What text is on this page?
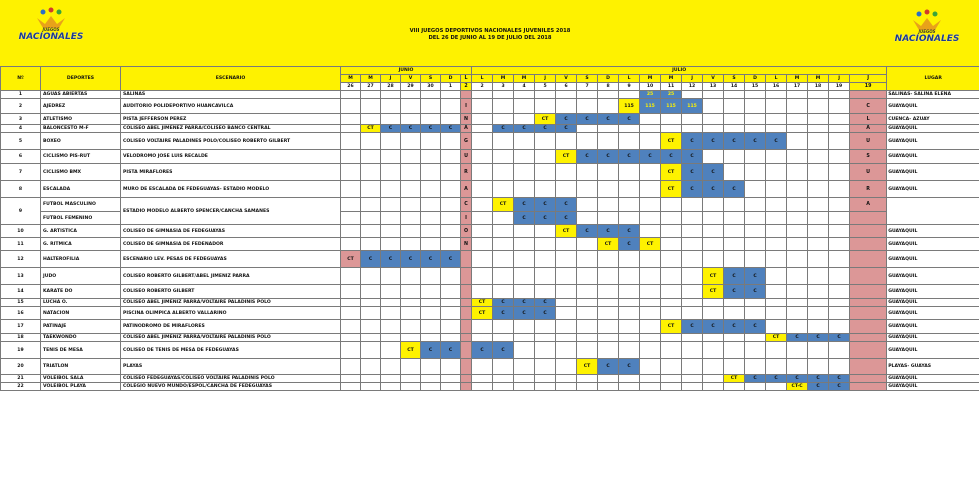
JUEGOS
NACIONALES
VIII JUEGOS DEPORTIVOS NACIONALES JUVENILES 2018
DEL 26 DE JUNIO AL 19 DE JULIO DEL 2018
JUEGOS
NACIONALES
Nº	DEPORTES	ESCENARIO	JUNIO							JULIO																			LUGAR
			M	M	J	V	S	D	L	L	M	M	J	V	S	D	L	M	M	J	V	S	D	L	M	M	J	J	
			26	27	28	29	30	1	2	2	3	4	5	6	7	8	9	10	11	12	13	14	15	16	17	18	19	19	
1	AGUAS ABIERTAS	SALINAS																25	25										SALINAS- SALINA ELENA
2	AJEDREZ	AUDITORIO POLIDEPORTIVO HUANCAVILCA							I								115	115	115	115								C	GUAYAQUIL
3	ATLETISMO	PISTA JEFFERSON PEREZ							N				CT	C	C	C	C											L	CUENCA- AZUAY
4	BALONCESTO M-F	COLISEO ABEL JIMENEZ PARRA/COLISEO BANCO CENTRAL		CT	C	C	C	C	A		C	C	C	C														A	GUAYAQUIL
5	BOXEO	COLISEO VOLTAIRE PALADINES POLO/COLISEO ROBERTO GILBERT							G										CT	C	C	C	C	C				U	GUAYAQUIL
6	CICLISMO PIS-RUT	VELODROMO JOSE LUIS RECALDE							U					CT	C	C	C	C	C	C								S	GUAYAQUIL
7	CICLISMO BMX	PISTA MIRAFLORES							R										CT	C	C							U	GUAYAQUIL
8	ESCALADA	MURO DE ESCALADA DE FEDEGUAYAS- ESTADIO MODELO							A										CT	C	C	C						R	GUAYAQUIL
9	FUTBOL MASCULINO	ESTADIO MODELO ALBERTO SPENCER/CANCHA SAMANES							C		CT	C	C	C														A	
	FUTBOL FEMENINO								I			C	C	C															
10	G. ARTISTICA	COLISEO DE GIMNASIA DE FEDEGUAYAS							O					CT	C	C	C												GUAYAQUIL
11	G. RITMICA	COLISEO DE GIMNASIA DE FEDENADOR							N							CT	C	CT											GUAYAQUIL
12	HALTEROFILIA	ESCENARIO LEV. PESAS DE FEDEGUAYAS	CT	C	C	C	C	C																					GUAYAQUIL
13	JUDO	COLISEO ROBERTO GILBERT/ABEL JIMENIZ PARRA																			CT	C	C						GUAYAQUIL
14	KARATE DO	COLISEO ROBERTO GILBERT																			CT	C	C						GUAYAQUIL
15	LUCHA O.	COLISEO ABEL JIMENIZ PARRA/VOLTAIRE PALADINIS POLO								CT	C	C	C																GUAYAQUIL
16	NATACION	PISCINA OLIMPICA ALBERTO VALLARINO								CT	C	C	C																GUAYAQUIL
17	PATINAJE	PATINODROMO DE MIRAFLORES																	CT	C	C	C	C						GUAYAQUIL
18	TAEKWONDO	COLISEO ABEL JIMENIZ PARRA/VOLTAIRE PALADINIS POLO																						CT	C	C	C		GUAYAQUIL
19	TENIS DE MESA	COLISEO DE TENIS DE MESA DE FEDEGUAYAS				CT	C	C		C	C																		GUAYAQUIL
20	TRIATLON	PLAYAS													CT	C	C												PLAYAS- GUAYAS
21	VOLEIBOL SALA	COLISEO FEDEGUAYAS/COLISEO VOLTAIRE PALADINIS POLO																				CT	C	C	C	C	C		GUAYAQUIL
22	VOLEIBOL PLAYA	COLEGIO NUEVO MUNDO/ESPOL/CANCHA DE FEDEGUAYAS																							CT-C	C	C		GUAYAQUIL
